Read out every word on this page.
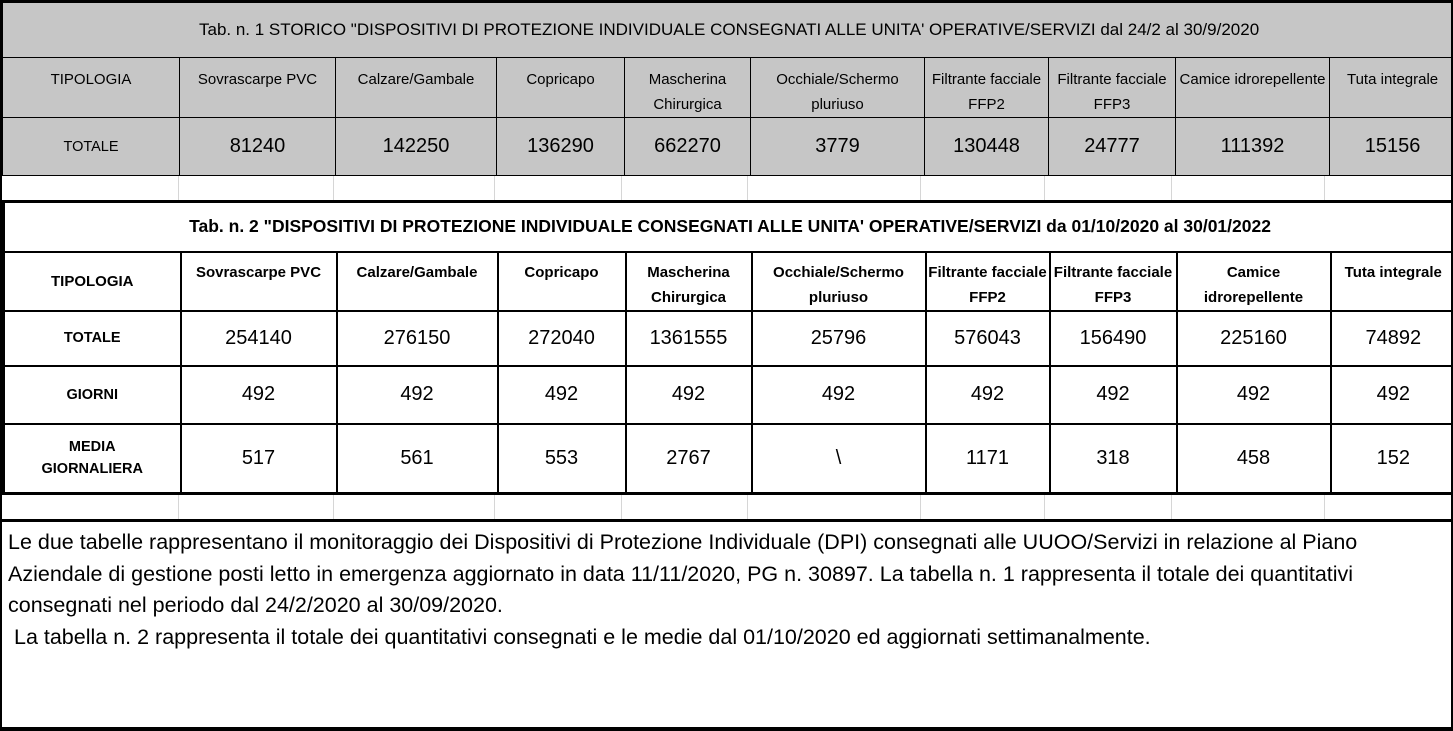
Tab. n. 1 STORICO "DISPOSITIVI DI PROTEZIONE INDIVIDUALE CONSEGNATI ALLE UNITA' OPERATIVE/SERVIZI dal 24/2 al 30/9/2020									
TIPOLOGIA	Sovrascarpe PVC	Calzare/Gambale	Copricapo	Mascherina Chirurgica	Occhiale/Schermo pluriuso	Filtrante facciale FFP2	Filtrante facciale FFP3	Camice idrorepellente	Tuta integrale
TOTALE	81240	142250	136290	662270	3779	130448	24777	111392	15156
Tab. n. 2 "DISPOSITIVI DI PROTEZIONE INDIVIDUALE CONSEGNATI ALLE UNITA' OPERATIVE/SERVIZI da 01/10/2020 al 30/01/2022									
TIPOLOGIA	Sovrascarpe PVC	Calzare/Gambale	Copricapo	Mascherina Chirurgica	Occhiale/Schermo pluriuso	Filtrante facciale FFP2	Filtrante facciale FFP3	Camice idrorepellente	Tuta integrale
TOTALE	254140	276150	272040	1361555	25796	576043	156490	225160	74892
GIORNI	492	492	492	492	492	492	492	492	492
MEDIA GIORNALIERA	517	561	553	2767	\	1171	318	458	152

Le due tabelle rappresentano il monitoraggio dei Dispositivi di Protezione Individuale (DPI) consegnati alle UUOO/Servizi in relazione al Piano Aziendale di gestione posti letto in emergenza aggiornato in data 11/11/2020, PG n. 30897. La tabella n. 1 rappresenta il totale dei quantitativi consegnati nel periodo dal 24/2/2020 al 30/09/2020.

La tabella n. 2 rappresenta il totale dei quantitativi consegnati e le medie dal 01/10/2020 ed aggiornati settimanalmente.
